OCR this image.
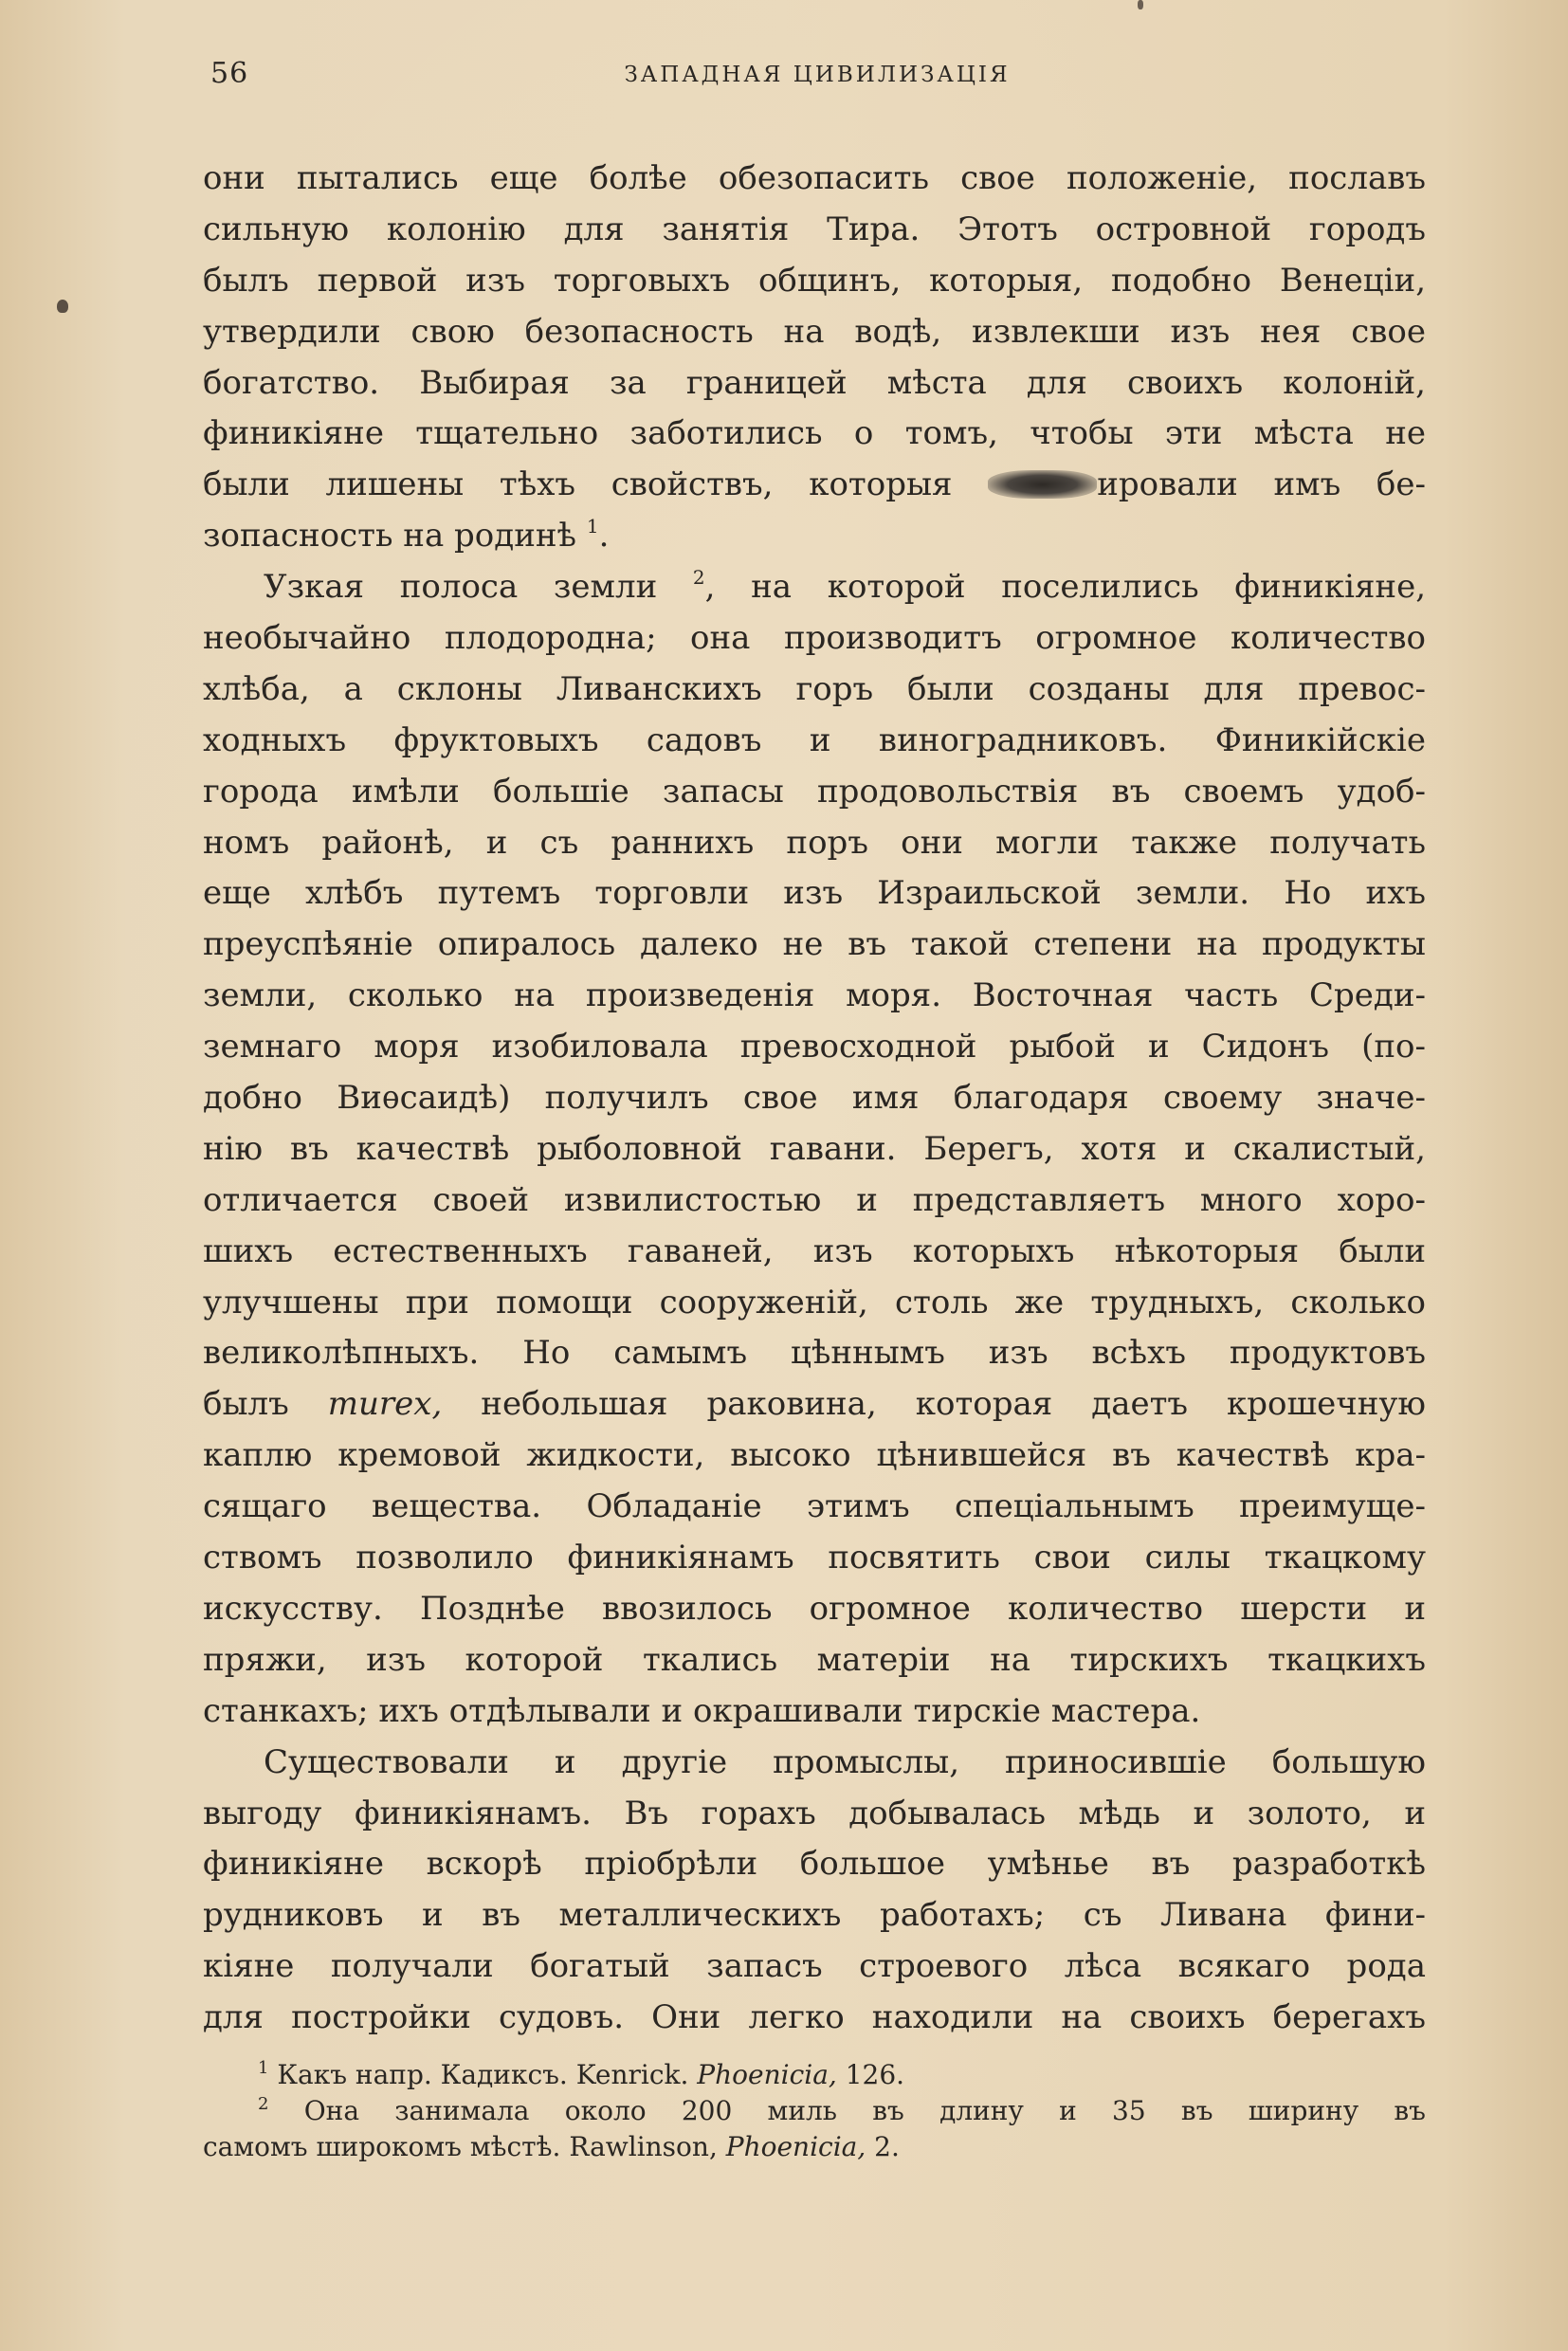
56	ЗАПАДНАЯ ЦИВИЛИЗАЦІЯ
они пытались еще болѣе обезопасить свое положеніе, пославъ
сильную колонію для занятія Тира. Этотъ островной городъ
былъ первой изъ торговыхъ общинъ, которыя, подобно Венеціи,
утвердили свою безопасность на водѣ, извлекши изъ нея свое
богатство. Выбирая за границей мѣста для своихъ колоній,
финикіяне тщательно заботились о томъ, чтобы эти мѣста не
были лишены тѣхъ свойствъ, которыя	ировали имъ бе-
зопасность на родинѣ $^1$.
Узкая полоса земли $^2$, на которой поселились финикіяне,
необычайно плодородна; она производитъ огромное количество
хлѣба, а склоны Ливанскихъ горъ были созданы для превос-
ходныхъ фруктовыхъ садовъ и виноградниковъ. Финикійскіе
города имѣли большіе запасы продовольствія въ своемъ удоб-
номъ районѣ, и съ раннихъ поръ они могли также получать
еще хлѣбъ путемъ торговли изъ Израильской земли. Но ихъ
преуспѣяніе опиралось далеко не въ такой степени на продукты
земли, сколько на произведенія моря. Восточная часть Среди-
земнаго моря изобиловала превосходной рыбой и Сидонъ (по-
добно Виѳсаидѣ) получилъ свое имя благодаря своему значе-
нію въ качествѣ рыболовной гавани. Берегъ, хотя и скалистый,
отличается своей извилистостью и представляетъ много хоро-
шихъ естественныхъ гаваней, изъ которыхъ нѣкоторыя были
улучшены при помощи сооруженій, столь же трудныхъ, сколько
великолѣпныхъ. Но самымъ цѣннымъ изъ всѣхъ продуктовъ
былъ murex, небольшая раковина, которая даетъ крошечную
каплю кремовой жидкости, высоко цѣнившейся въ качествѣ кра-
сящаго вещества. Обладаніе этимъ спеціальнымъ преимуще-
ствомъ позволило финикіянамъ посвятить свои силы ткацкому
искусству. Позднѣе ввозилось огромное количество шерсти и
пряжи, изъ которой ткались матеріи на тирскихъ ткацкихъ
станкахъ; ихъ отдѣлывали и окрашивали тирскіе мастера.
Существовали и другіе промыслы, приносившіе большую
выгоду финикіянамъ. Въ горахъ добывалась мѣдь и золото, и
финикіяне вскорѣ пріобрѣли большое умѣнье въ разработкѣ
рудниковъ и въ металлическихъ работахъ; съ Ливана фини-
кіяне получали богатый запасъ строевого лѣса всякаго рода
для постройки судовъ. Они легко находили на своихъ берегахъ
$^1$ Какъ напр. Кадиксъ. Kenrick. Phoenicia, 126.
$^2$ Она занимала около 200 миль въ длину и 35 въ ширину въ
самомъ широкомъ мѣстѣ. Rawlinson, Phoenicia, 2.
